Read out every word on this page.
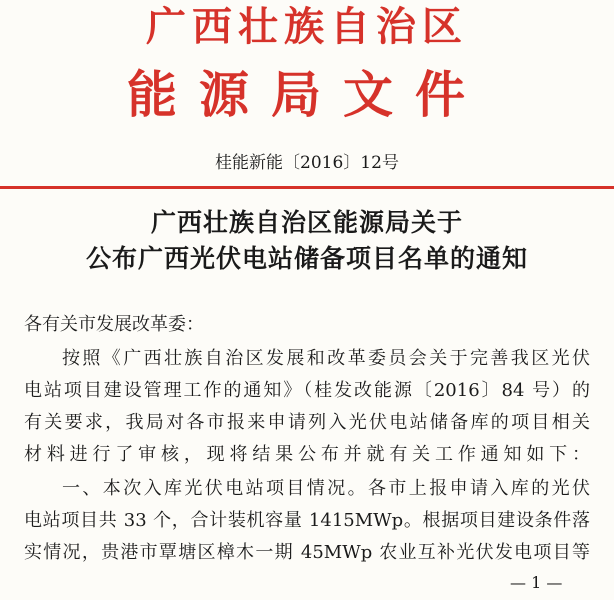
广西壮族自治区
能源局文件
桂能新能〔2016〕12号
广西壮族自治区能源局关于
公布广西光伏电站储备项目名单的通知
各有关市发展改革委：
按照《广西壮族自治区发展和改革委员会关于完善我区光伏
电站项目建设管理工作的通知》（桂发改能源〔2016〕84 号）的
有关要求，我局对各市报来申请列入光伏电站储备库的项目相关
材料进行了审核，现将结果公布并就有关工作通知如下：
一、本次入库光伏电站项目情况。各市上报申请入库的光伏
电站项目共 33 个，合计装机容量 1415MWp。根据项目建设条件落
实情况，贵港市覃塘区樟木一期 45MWp 农业互补光伏发电项目等
— 1 —
